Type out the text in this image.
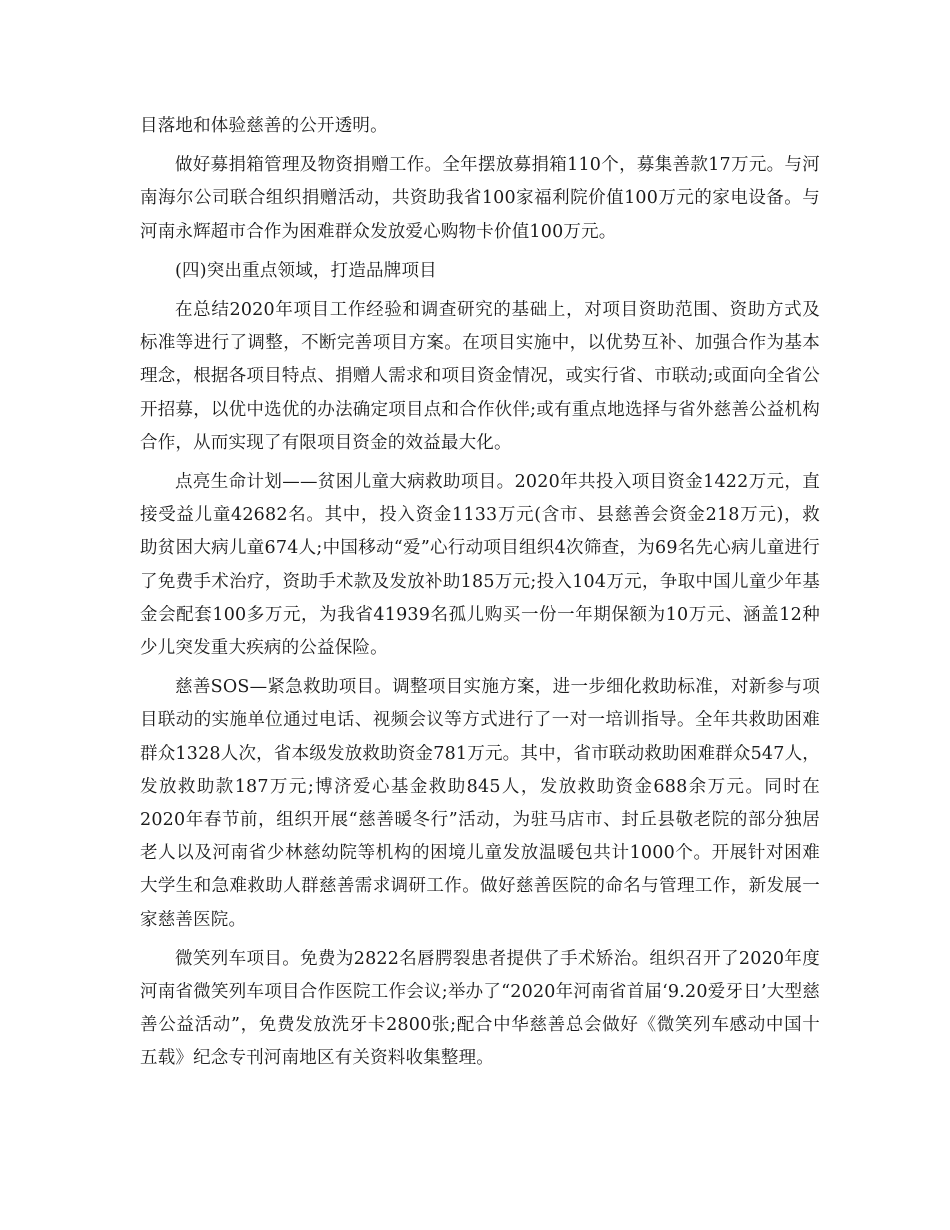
目落地和体验慈善的公开透明。

做好募捐箱管理及物资捐赠工作。全年摆放募捐箱110个，募集善款17万元。与河南海尔公司联合组织捐赠活动，共资助我省100家福利院价值100万元的家电设备。与河南永辉超市合作为困难群众发放爱心购物卡价值100万元。

(四)突出重点领域，打造品牌项目

在总结2020年项目工作经验和调查研究的基础上，对项目资助范围、资助方式及标准等进行了调整，不断完善项目方案。在项目实施中，以优势互补、加强合作为基本理念，根据各项目特点、捐赠人需求和项目资金情况，或实行省、市联动;或面向全省公开招募，以优中选优的办法确定项目点和合作伙伴;或有重点地选择与省外慈善公益机构合作，从而实现了有限项目资金的效益最大化。

点亮生命计划——贫困儿童大病救助项目。2020年共投入项目资金1422万元，直接受益儿童42682名。其中，投入资金1133万元(含市、县慈善会资金218万元)，救助贫困大病儿童674人;中国移动“爱”心行动项目组织4次筛查，为69名先心病儿童进行了免费手术治疗，资助手术款及发放补助185万元;投入104万元，争取中国儿童少年基金会配套100多万元，为我省41939名孤儿购买一份一年期保额为10万元、涵盖12种少儿突发重大疾病的公益保险。

慈善SOS—紧急救助项目。调整项目实施方案，进一步细化救助标准，对新参与项目联动的实施单位通过电话、视频会议等方式进行了一对一培训指导。全年共救助困难群众1328人次，省本级发放救助资金781万元。其中，省市联动救助困难群众547人，发放救助款187万元;博济爱心基金救助845人，发放救助资金688余万元。同时在2020年春节前，组织开展“慈善暖冬行”活动，为驻马店市、封丘县敬老院的部分独居老人以及河南省少林慈幼院等机构的困境儿童发放温暖包共计1000个。开展针对困难大学生和急难救助人群慈善需求调研工作。做好慈善医院的命名与管理工作，新发展一家慈善医院。

微笑列车项目。免费为2822名唇腭裂患者提供了手术矫治。组织召开了2020年度河南省微笑列车项目合作医院工作会议;举办了“2020年河南省首届‘9.20爱牙日’大型慈善公益活动”，免费发放洗牙卡2800张;配合中华慈善总会做好《微笑列车感动中国十五载》纪念专刊河南地区有关资料收集整理。
